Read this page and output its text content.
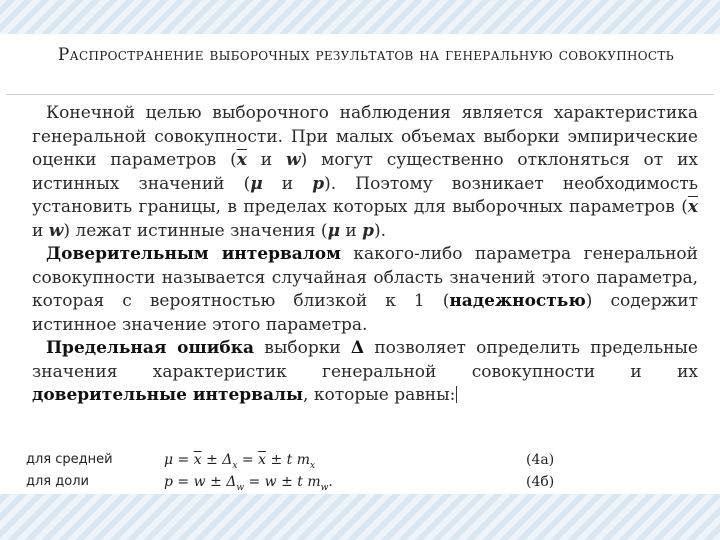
Распространение выборочных результатов на генеральную совокупность

Конечной целью выборочного наблюдения является характеристика генеральной совокупности. При малых объемах выборки эмпирические оценки параметров ($\overline{x}$ и w) могут существенно отклоняться от их истинных значений (μ и p). Поэтому возникает необходимость установить границы, в пределах которых для выборочных параметров ($\overline{x}$ и w) лежат истинные значения (μ и p).

Доверительным интервалом какого-либо параметра генеральной совокупности называется случайная область значений этого параметра, которая с вероятностью близкой к 1 (надежностью) содержит истинное значение этого параметра.

Предельная ошибка выборки Δ позволяет определить предельные значения характеристик генеральной совокупности и их доверительные интервалы, которые равны:

для средней	$\mu = \overline{x} \pm \Delta_x = \overline{x} \pm t$ $m_x$	(4а)
для доли	$p = w \pm \Delta_w = w \pm t$ $m_w$.	(4б)
